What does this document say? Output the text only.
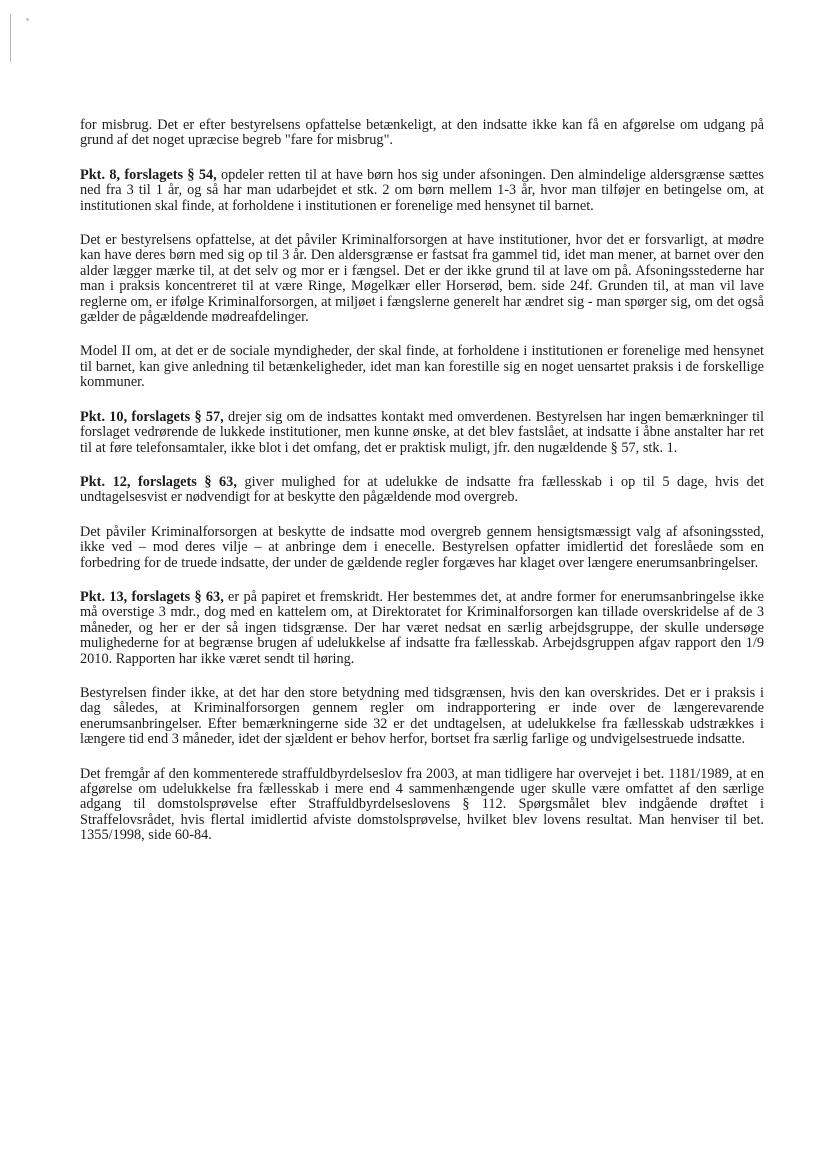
for misbrug. Det er efter bestyrelsens opfattelse betænkeligt, at den indsatte ikke kan få en afgørelse om udgang på grund af det noget upræcise begreb "fare for misbrug".

Pkt. 8, forslagets § 54, opdeler retten til at have børn hos sig under afsoningen. Den almindelige aldersgrænse sættes ned fra 3 til 1 år, og så har man udarbejdet et stk. 2 om børn mellem 1-3 år, hvor man tilføjer en betingelse om, at institutionen skal finde, at forholdene i institutionen er forenelige med hensynet til barnet.

Det er bestyrelsens opfattelse, at det påviler Kriminalforsorgen at have institutioner, hvor det er forsvarligt, at mødre kan have deres børn med sig op til 3 år. Den aldersgrænse er fastsat fra gammel tid, idet man mener, at barnet over den alder lægger mærke til, at det selv og mor er i fængsel. Det er der ikke grund til at lave om på. Afsoningsstederne har man i praksis koncentreret til at være Ringe, Møgelkær eller Horserød, bem. side 24f. Grunden til, at man vil lave reglerne om, er ifølge Kriminalforsorgen, at miljøet i fængslerne generelt har ændret sig - man spørger sig, om det også gælder de pågældende mødreafdelinger.

Model II om, at det er de sociale myndigheder, der skal finde, at forholdene i institutionen er forenelige med hensynet til barnet, kan give anledning til betænkeligheder, idet man kan forestille sig en noget uensartet praksis i de forskellige kommuner.

Pkt. 10, forslagets § 57, drejer sig om de indsattes kontakt med omverdenen. Bestyrelsen har ingen bemærkninger til forslaget vedrørende de lukkede institutioner, men kunne ønske, at det blev fastslået, at indsatte i åbne anstalter har ret til at føre telefonsamtaler, ikke blot i det omfang, det er praktisk muligt, jfr. den nugældende § 57, stk. 1.

Pkt. 12, forslagets § 63, giver mulighed for at udelukke de indsatte fra fællesskab i op til 5 dage, hvis det undtagelsesvist er nødvendigt for at beskytte den pågældende mod overgreb.

Det påviler Kriminalforsorgen at beskytte de indsatte mod overgreb gennem hensigtsmæssigt valg af afsoningssted, ikke ved – mod deres vilje – at anbringe dem i enecelle. Bestyrelsen opfatter imidlertid det foreslåede som en forbedring for de truede indsatte, der under de gældende regler forgæves har klaget over længere enerumsanbringelser.

Pkt. 13, forslagets § 63, er på papiret et fremskridt. Her bestemmes det, at andre former for enerumsanbringelse ikke må overstige 3 mdr., dog med en kattelem om, at Direktoratet for Kriminalforsorgen kan tillade overskridelse af de 3 måneder, og her er der så ingen tidsgrænse. Der har været nedsat en særlig arbejdsgruppe, der skulle undersøge mulighederne for at begrænse brugen af udelukkelse af indsatte fra fællesskab. Arbejdsgruppen afgav rapport den 1/9 2010. Rapporten har ikke været sendt til høring.

Bestyrelsen finder ikke, at det har den store betydning med tidsgrænsen, hvis den kan overskrides. Det er i praksis i dag således, at Kriminalforsorgen gennem regler om indrapportering er inde over de længerevarende enerumsanbringelser. Efter bemærkningerne side 32 er det undtagelsen, at udelukkelse fra fællesskab udstrækkes i længere tid end 3 måneder, idet der sjældent er behov herfor, bortset fra særlig farlige og undvigelsestruede indsatte.

Det fremgår af den kommenterede straffuldbyrdelseslov fra 2003, at man tidligere har overvejet i bet. 1181/1989, at en afgørelse om udelukkelse fra fællesskab i mere end 4 sammenhængende uger skulle være omfattet af den særlige adgang til domstolsprøvelse efter Straffuldbyrdelseslovens § 112. Spørgsmålet blev indgående drøftet i Straffelovsrådet, hvis flertal imidlertid afviste domstolsprøvelse, hvilket blev lovens resultat. Man henviser til bet. 1355/1998, side 60-84.
